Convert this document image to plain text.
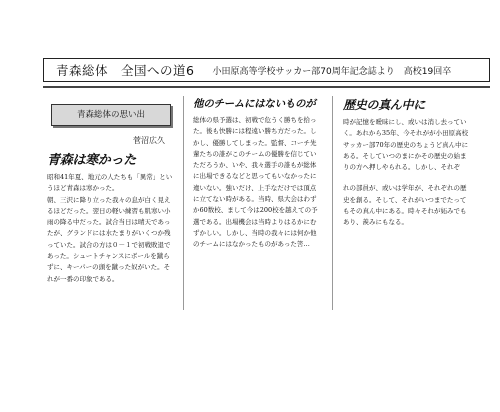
青森総体　全国への道6 小田原高等学校サッカー部70周年記念誌より　高校19回卒
青森総体の思い出
菅沼広久
青森は寒かった

昭和41年夏、地元の人たちも「異常」というほど青森は寒かった。

朝、三沢に降り立った我々の息が白く見えるほどだった。翌日の軽い練習も肌寒い小雨の降る中だった。試合当日は晴天であったが、グランドには水たまりがいくつか残っていた。試合の方は０－１で初戦敗退であった。シュートチャンスにボールを蹴らずに、キーパーの頭を蹴った奴がいた。それが一番の印象である。

他のチームにはないものが

総体の県予選は、初戦で危うく勝ちを拾った。後も快勝には程遠い勝ち方だった。しかし、優勝してしまった。監督、コーチ先輩たちの誰がこのチームの優勝を信じていただろうか、いや、我々選手の誰もが総体に出場できるなどと思ってもいなかったに違いない。強いだけ、上手なだけでは頂点に立てない時がある。当時、県大会はわずか60数校、まして今は200校を越えての予選である。出場機会は当時よりはるかにむずかしい。しかし、当時の我々には何か他のチームにはなかったものがあった筈…

歴史の真ん中に

時が記憶を曖昧にし、或いは消し去っていく。あれから35年、今それがが小田原高校サッカー部70年の歴史のちょうど真ん中にある。そしていつのまにかその歴史の始まりの方へ押しやられる。しかし、それぞ

れの部員が、或いは学年が、それぞれの歴史を創る。そして、それがいつまでたってもその真ん中にある。時々それが妬みでもあり、羨みにもなる。
